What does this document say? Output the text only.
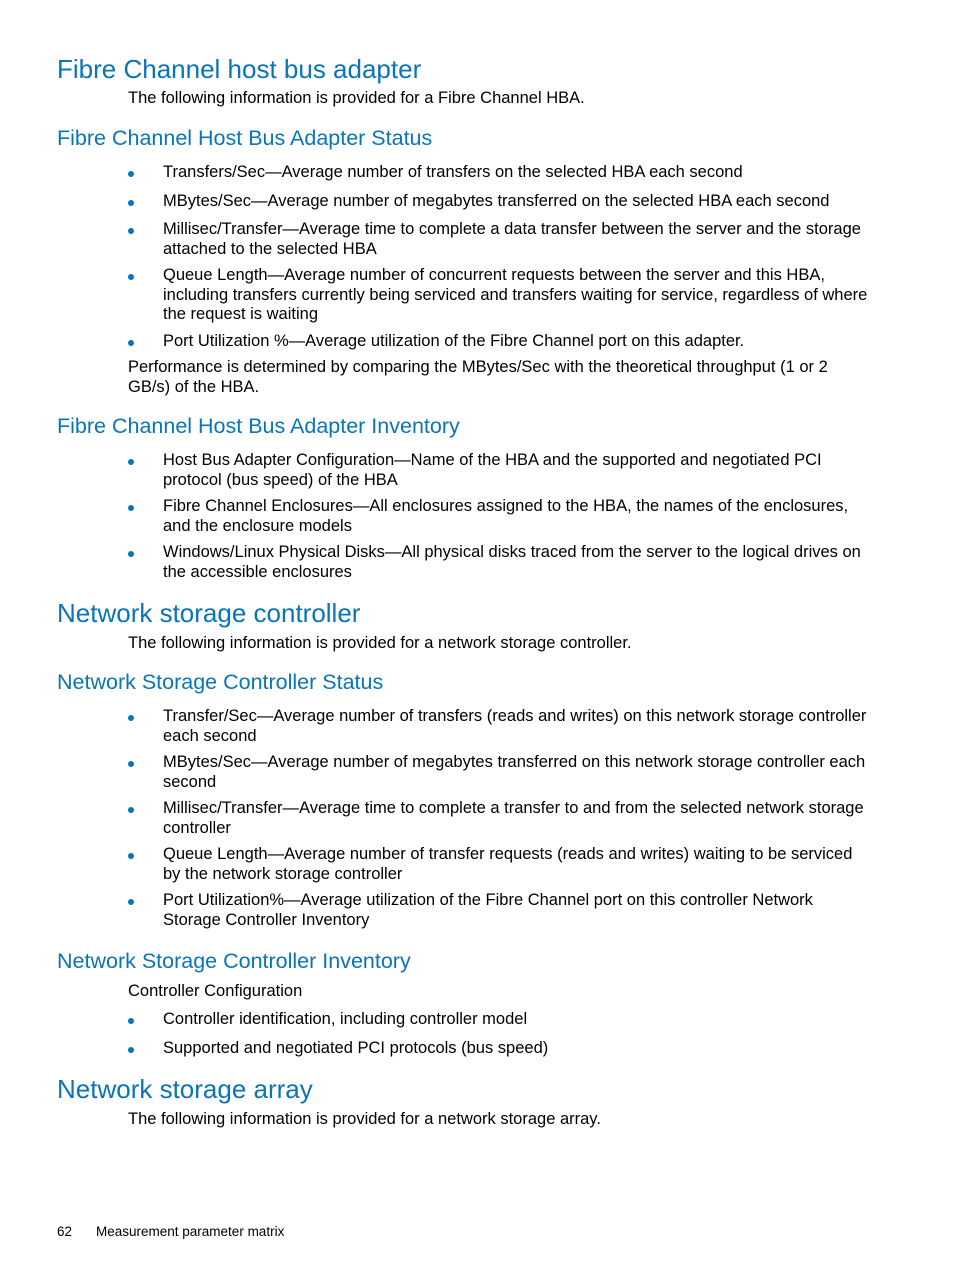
Fibre Channel host bus adapter

The following information is provided for a Fibre Channel HBA.

Fibre Channel Host Bus Adapter Status
Transfers/Sec—Average number of transfers on the selected HBA each second
MBytes/Sec—Average number of megabytes transferred on the selected HBA each second
Millisec/Transfer—Average time to complete a data transfer between the server and the storage attached to the selected HBA
Queue Length—Average number of concurrent requests between the server and this HBA, including transfers currently being serviced and transfers waiting for service, regardless of where the request is waiting
Port Utilization %—Average utilization of the Fibre Channel port on this adapter.

Performance is determined by comparing the MBytes/Sec with the theoretical throughput (1 or 2 GB/s) of the HBA.

Fibre Channel Host Bus Adapter Inventory
Host Bus Adapter Configuration—Name of the HBA and the supported and negotiated PCI protocol (bus speed) of the HBA
Fibre Channel Enclosures—All enclosures assigned to the HBA, the names of the enclosures, and the enclosure models
Windows/Linux Physical Disks—All physical disks traced from the server to the logical drives on the accessible enclosures
Network storage controller

The following information is provided for a network storage controller.

Network Storage Controller Status
Transfer/Sec—Average number of transfers (reads and writes) on this network storage controller each second
MBytes/Sec—Average number of megabytes transferred on this network storage controller each second
Millisec/Transfer—Average time to complete a transfer to and from the selected network storage controller
Queue Length—Average number of transfer requests (reads and writes) waiting to be serviced by the network storage controller
Port Utilization%—Average utilization of the Fibre Channel port on this controller Network Storage Controller Inventory
Network Storage Controller Inventory

Controller Configuration

Controller identification, including controller model
Supported and negotiated PCI protocols (bus speed)
Network storage array

The following information is provided for a network storage array.

62 Measurement parameter matrix
